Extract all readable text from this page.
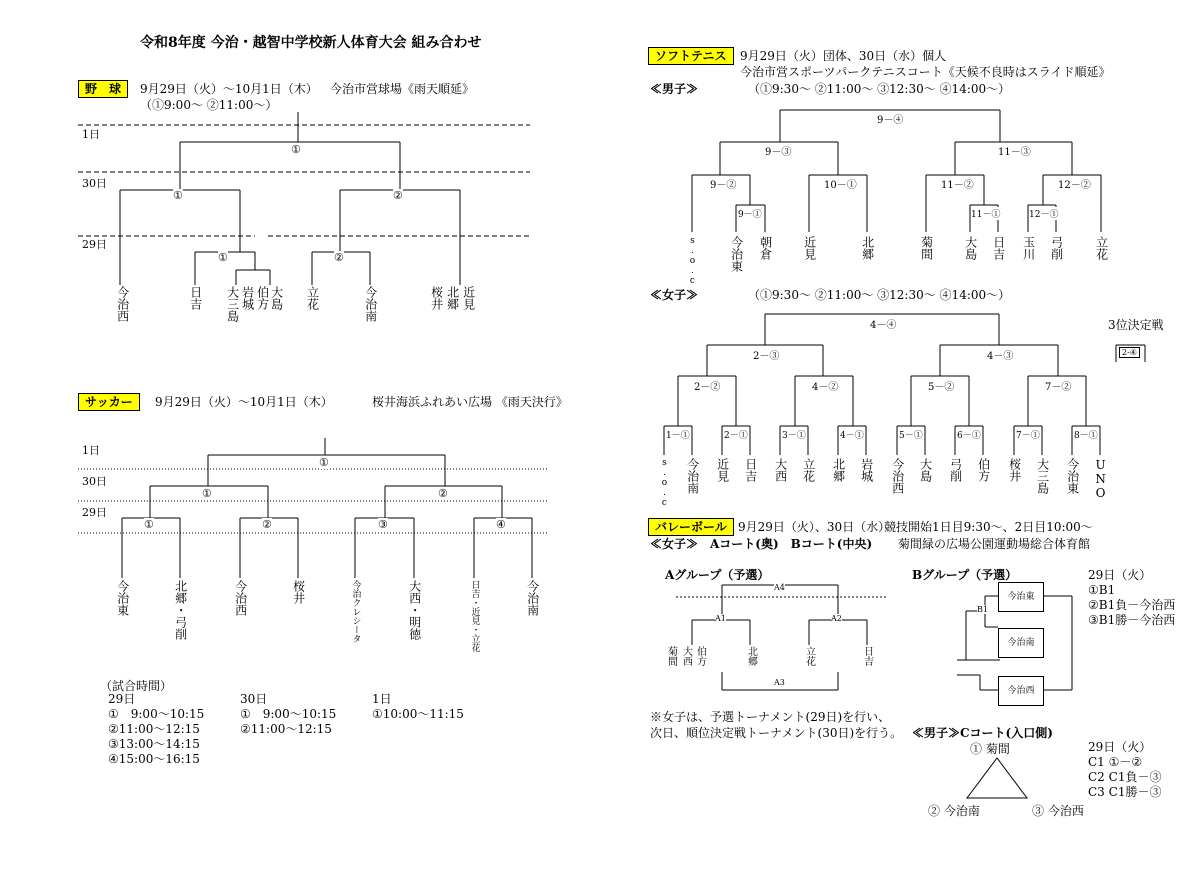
令和8年度 今治・越智中学校新人体育大会 組み合わせ
野　球	9月29日（火）～10月1日（木） 今治市営球場《雨天順延》
（①9:00～ ②11:00～）
1日
30日
29日
①
①	②
①	②
今治西	日吉 大三島 岩城 伯方 大島 立花	今治南	桜井 北郷 近見
サッカー	9月29日（火）～10月1日（木）	桜井海浜ふれあい広場 《雨天決行》
1日
30日
29日
①
①	②
①	②	③	④
今治東	北郷・弓削	今治西	桜井	今治クレシータ	大西・明徳	日吉・近見・立花	今治南
（試合時間）
29日
①　9:00～10:15
②11:00～12:15
③13:00～14:15
④15:00～16:15
30日
①　9:00～10:15
②11:00～12:15
1日
①10:00～11:15
ソフトテニス	9月29日（火）団体、30日（水）個人
今治市営スポーツパークテニスコート《天候不良時はスライド順延》
≪男子≫	（①9:30～ ②11:00～ ③12:30～ ④14:00～）
9－④
9－③	11－③
9－②	10－①	11－②	12－②
9－①	11－①	12－①
s.o.c	今治東 朝倉	近見	北郷	菊間	大島 日吉 玉川 弓削	立花
≪女子≫	（①9:30～ ②11:00～ ③12:30～ ④14:00～）
3位決定戦
2-④
4－④
2－③	4－③
2－②	4－②	5－②	7－②
1－①	2－①	3－①	4－①	5－①	6－①	7－①	8－①
s.o.c 今治南 近見 日吉 大西 立花 北郷 岩城 今治西 大島 弓削 伯方 桜井 大三島 今治東 UNO
バレーボール 9月29日（火）、30日（水）
競技開始1日目9:30～、2日目10:00～
≪女子≫ Aコート(奥)　Bコート(中央) 菊間緑の広場公園運動場総合体育館
Aグループ（予選）	Bグループ（予選）
A4
A1	A2
A3
菊間 大西 伯方	北郷	立花	日吉
B1
今治東
今治南
今治西
29日（火）
①B1
②B1負－今治西
③B1勝－今治西
※女子は、予選トーナメント(29日)を行い、
次日、順位決定戦トーナメント(30日)を行う。 ≪男子≫Cコート(入口側)
① 菊間
② 今治南	③ 今治西
29日（火）
C1 ①－②
C2 C1負－③
C3 C1勝－③
